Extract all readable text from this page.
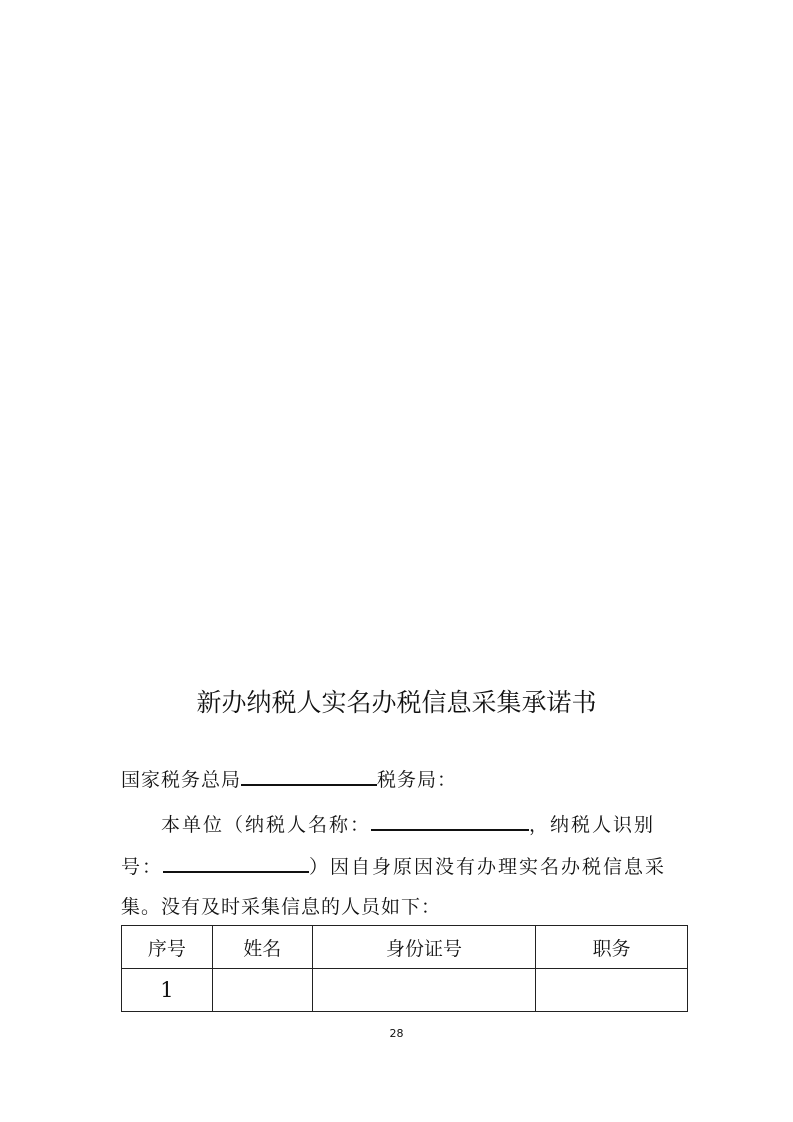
新办纳税人实名办税信息采集承诺书
国家税务总局	税务局：
本单位（纳税人名称：	，纳税人识别
号：	）因自身原因没有办理实名办税信息采
集。没有及时采集信息的人员如下：
序号	姓名	身份证号	职务
1			
28
